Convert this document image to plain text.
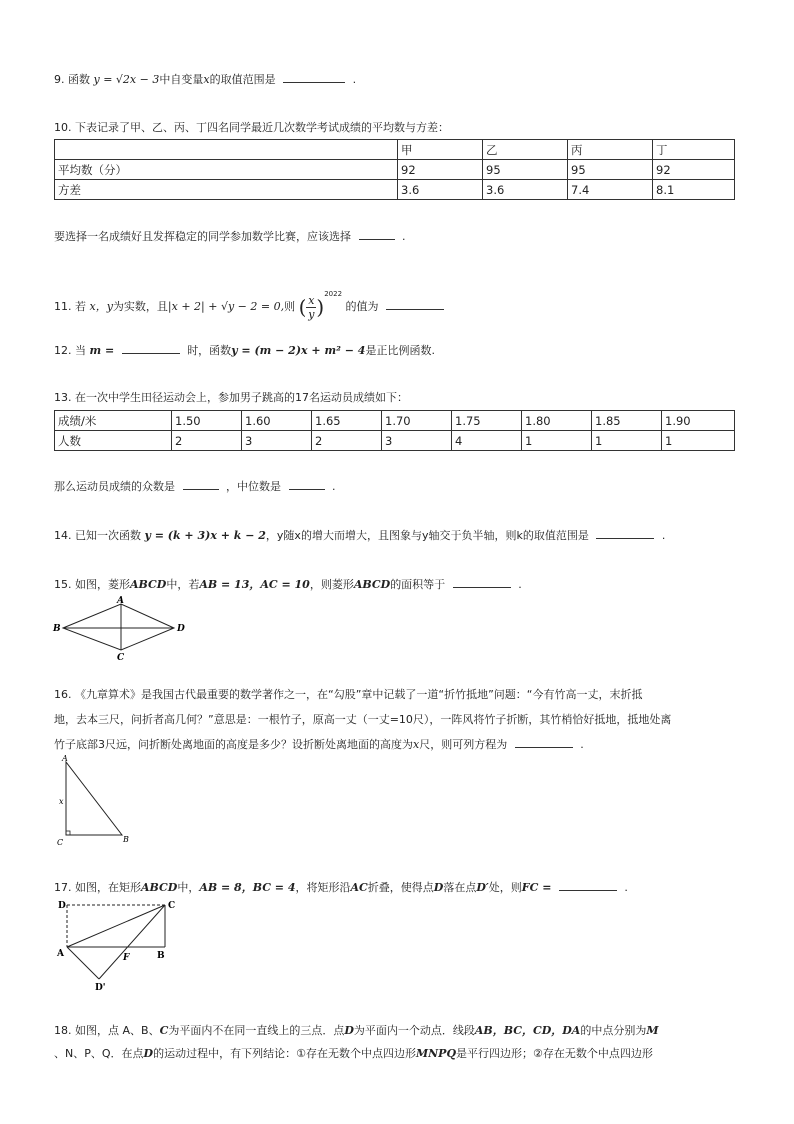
9. 函数 y = √2x − 3中自变量x的取值范围是	.
10. 下表记录了甲、乙、丙、丁四名同学最近几次数学考试成绩的平均数与方差：
	甲	乙	丙	丁
平均数（分）	92	95	95	92
方差	3.6	3.6	7.4	8.1
要选择一名成绩好且发挥稳定的同学参加数学比赛，应该选择	.
11. 若 x，y为实数，且|x + 2| + √y − 2 = 0,则 ( $\frac{x}{y} )^{2022}$ 的值为
12. 当 m =	时，函数y = (m − 2)x + m² − 4是正比例函数.
13. 在一次中学生田径运动会上，参加男子跳高的17名运动员成绩如下：
成绩/米	1.50	1.60	1.65	1.70	1.75	1.80	1.85	1.90
人数	2	3	2	3	4	1	1	1
那么运动员成绩的众数是	，中位数是	.
14. 已知一次函数 y = (k + 3)x + k − 2，y随x的增大而增大，且图象与y轴交于负半轴，则k的取值范围是	.
15. 如图，菱形ABCD中，若AB = 13，AC = 10，则菱形ABCD的面积等于	.
A
B
C
D
16. 《九章算术》是我国古代最重要的数学著作之一，在“勾股”章中记载了一道“折竹抵地”问题：“今有竹高一丈，末折抵
地，去本三尺，问折者高几何？”意思是：一根竹子，原高一丈（一丈=10尺），一阵风将竹子折断，其竹梢恰好抵地，抵地处离
竹子底部3尺远，问折断处离地面的高度是多少？设折断处离地面的高度为x尺，则可列方程为	.
A
x
C	B
17. 如图，在矩形ABCD中，AB = 8，BC = 4，将矩形沿AC折叠，使得点D落在点D′处，则FC =	.
D	C
A	F	B
D'
18. 如图，点 A、B、C为平面内不在同一直线上的三点．点D为平面内一个动点．线段AB，BC，CD，DA的中点分别为M
、N、P、Q．在点D的运动过程中，有下列结论：①存在无数个中点四边形MNPQ是平行四边形；②存在无数个中点四边形
